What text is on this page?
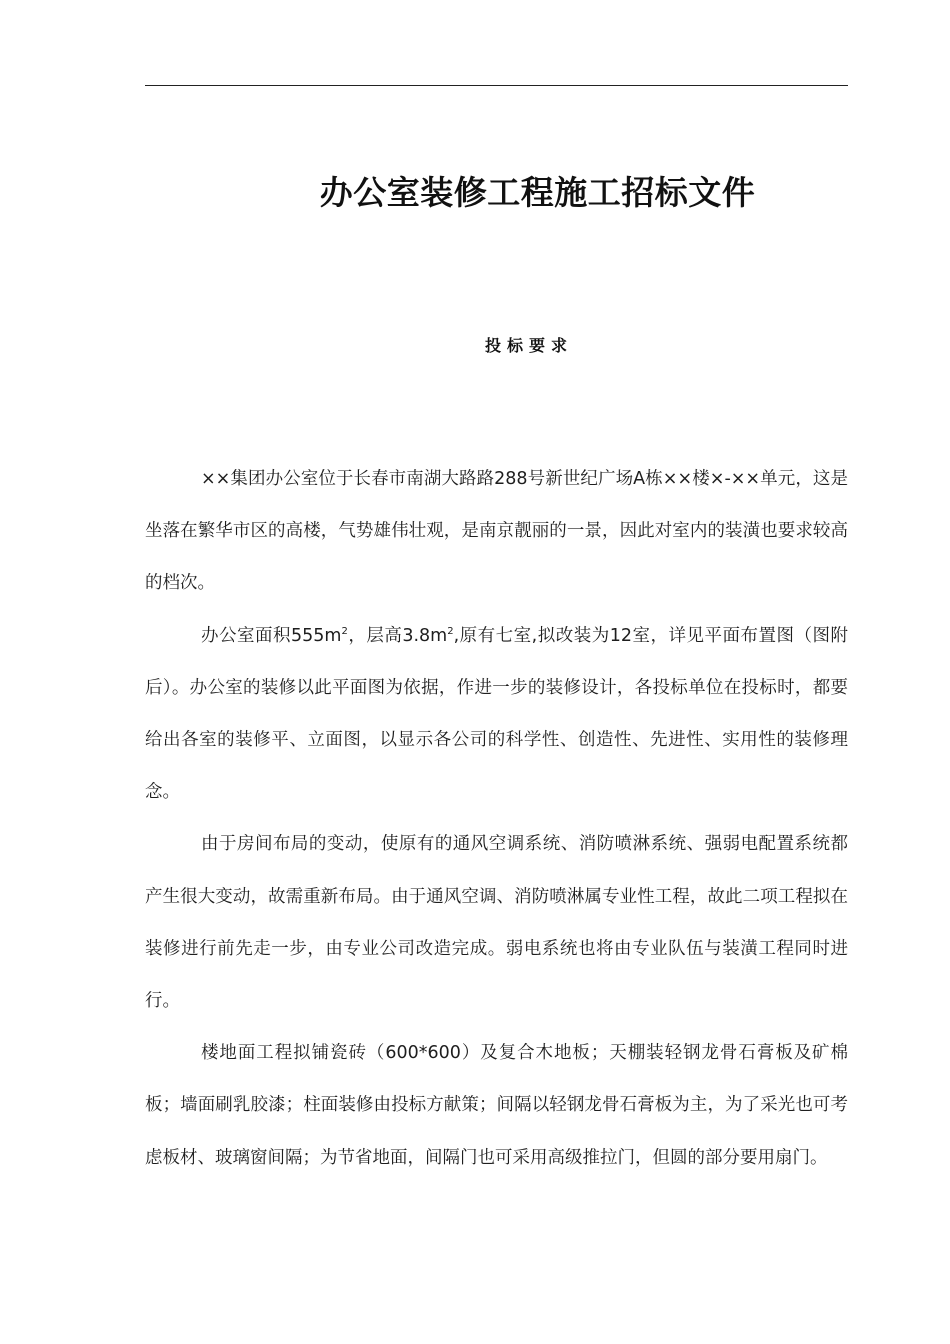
办公室装修工程施工招标文件
投标要求

××集团办公室位于长春市南湖大路路288号新世纪广场A栋××楼×-××单元，这是坐落在繁华市区的高楼，气势雄伟壮观，是南京靓丽的一景，因此对室内的装潢也要求较高的档次。

办公室面积$555m^2$，层高$3.8m^2$,原有七室,拟改装为12室，详见平面布置图（图附后）。办公室的装修以此平面图为依据，作进一步的装修设计，各投标单位在投标时，都要给出各室的装修平、立面图，以显示各公司的科学性、创造性、先进性、实用性的装修理念。

由于房间布局的变动，使原有的通风空调系统、消防喷淋系统、强弱电配置系统都产生很大变动，故需重新布局。由于通风空调、消防喷淋属专业性工程，故此二项工程拟在装修进行前先走一步，由专业公司改造完成。弱电系统也将由专业队伍与装潢工程同时进行。

楼地面工程拟铺瓷砖（600*600）及复合木地板；天棚装轻钢龙骨石膏板及矿棉板；墙面刷乳胶漆；柱面装修由投标方献策；间隔以轻钢龙骨石膏板为主，为了采光也可考虑板材、玻璃窗间隔；为节省地面，间隔门也可采用高级推拉门，但圆的部分要用扇门。
